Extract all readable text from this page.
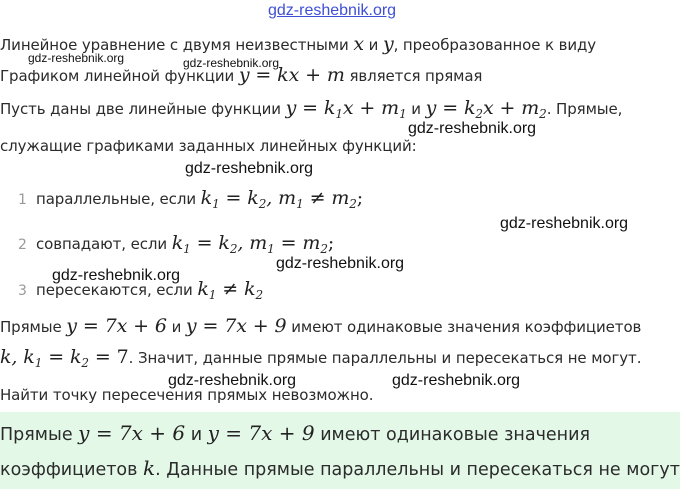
gdz-reshebnik.org
gdz-reshebnik.org	gdz-reshebnik.org
Линейное уравнение с двумя неизвестными x и y, преобразованное к виду
Графиком линейной функции y = kx + m является прямая
Пусть даны две линейные функции $y = k_1x + m_1$ и $y = k_2x + m_2$. Прямые,
gdz-reshebnik.org
служащие графиками заданных линейных функций:
gdz-reshebnik.org
1 параллельные, если $k_1 = k_2$, $m_1 \ne m_2$;
gdz-reshebnik.org
2 совпадают, если $k_1 = k_2$, $m_1 = m_2$;
gdz-reshebnik.org
gdz-reshebnik.org
3 пересекаются, если $k_1 \ne k_2$
Прямые y = 7x + 6 и y = 7x + 9 имеют одинаковые значения коэффициетов
k, $k_1 = k_2 = 7$. Значит, данные прямые параллельны и пересекаться не могут.
gdz-reshebnik.org	gdz-reshebnik.org
Найти точку пересечения прямых невозможно.
Прямые y = 7x + 6 и y = 7x + 9 имеют одинаковые значения
коэффициетов k. Данные прямые параллельны и пересекаться не могут
